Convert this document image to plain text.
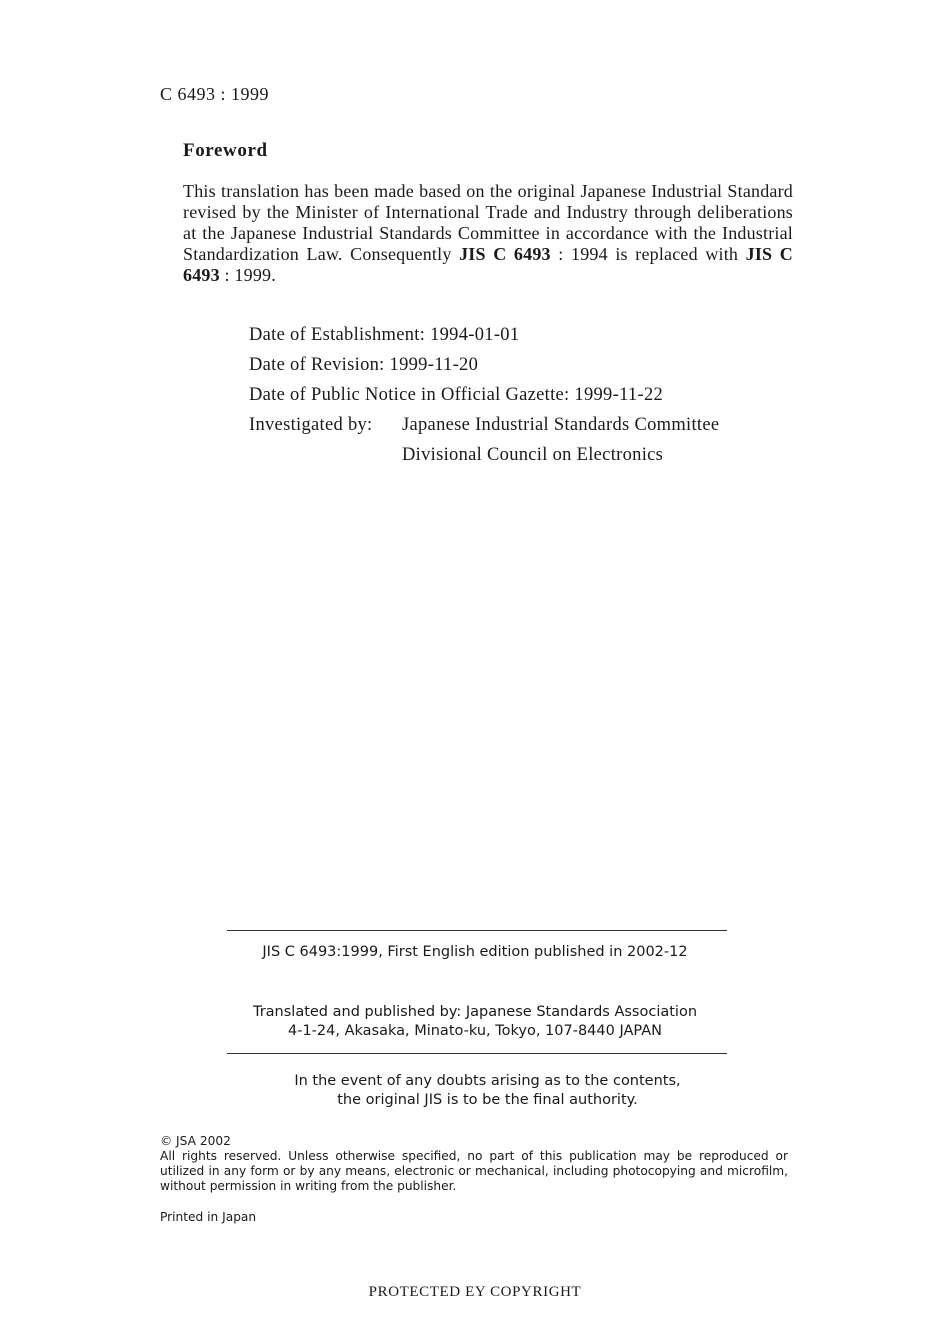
C 6493 : 1999
Foreword

This translation has been made based on the original Japanese Industrial Standard revised by the Minister of International Trade and Industry through deliberations at the Japanese Industrial Standards Committee in accordance with the Industrial Standardization Law. Consequently JIS C 6493 : 1994 is replaced with JIS C 6493 : 1999.

Date of Establishment: 1994-01-01
Date of Revision: 1999-11-20
Date of Public Notice in Official Gazette: 1999-11-22
Investigated by: Japanese Industrial Standards Committee
Divisional Council on Electronics
JIS C 6493:1999, First English edition published in 2002-12
Translated and published by: Japanese Standards Association
4-1-24, Akasaka, Minato-ku, Tokyo, 107-8440 JAPAN
In the event of any doubts arising as to the contents,
the original JIS is to be the final authority.
© JSA 2002
All rights reserved. Unless otherwise specified, no part of this publication may be reproduced or utilized in any form or by any means, electronic or mechanical, including photocopying and microfilm, without permission in writing from the publisher.
Printed in Japan
PROTECTED EY COPYRIGHT
